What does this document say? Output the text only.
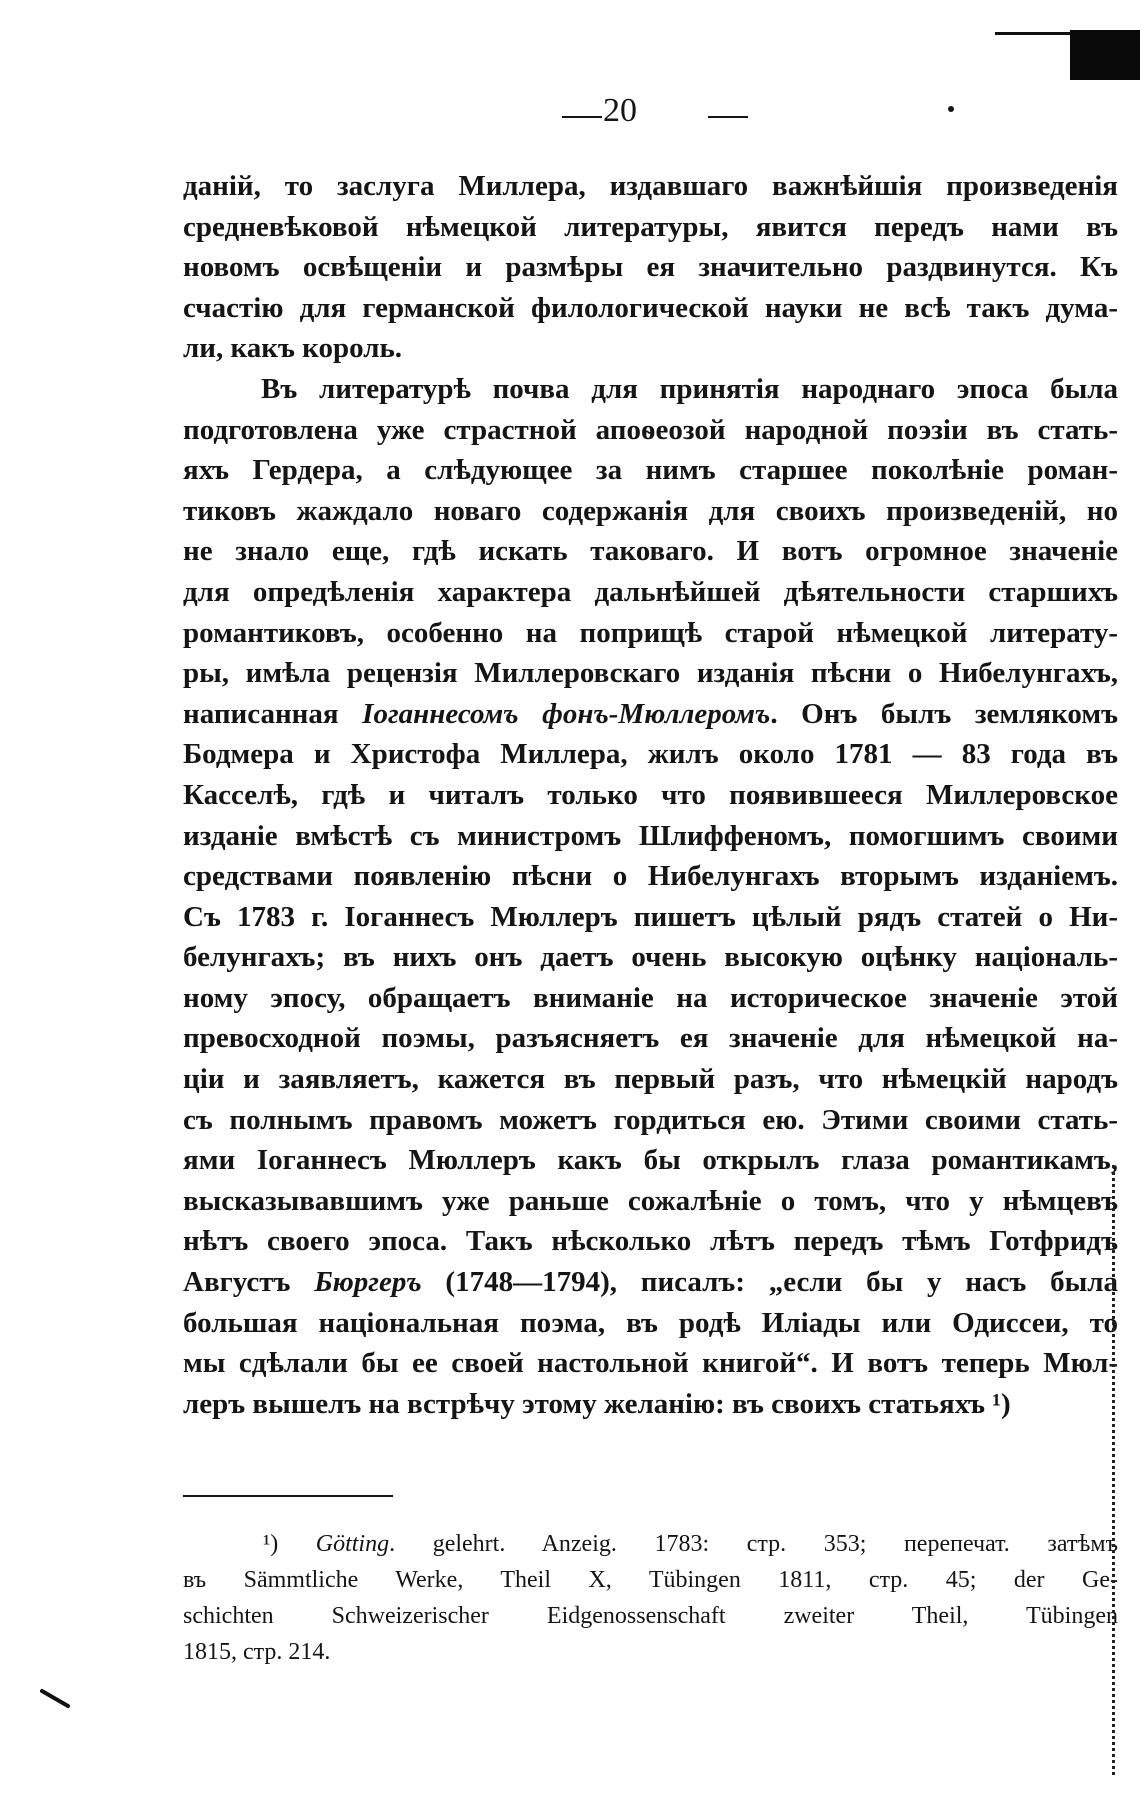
20
даній, то заслуга Миллера, издавшаго важнѣйшія произведенія
средневѣковой нѣмецкой литературы, явится передъ нами въ
новомъ освѣщеніи и размѣры ея значительно раздвинутся. Къ
счастію для германской филологической науки не всѣ такъ дума-
ли, какъ король.
Въ литературѣ почва для принятія народнаго эпоса была
подготовлена уже страстной апоѳеозой народной поэзіи въ стать-
яхъ Гердера, а слѣдующее за нимъ старшее поколѣніе роман-
тиковъ жаждало новаго содержанія для своихъ произведеній, но
не знало еще, гдѣ искать таковаго. И вотъ огромное значеніе
для опредѣленія характера дальнѣйшей дѣятельности старшихъ
романтиковъ, особенно на поприщѣ старой нѣмецкой литерату-
ры, имѣла рецензія Миллеровскаго изданія пѣсни о Нибелунгахъ,
написанная Іоганнесомъ фонъ-Мюллеромъ. Онъ былъ землякомъ
Бодмера и Христофа Миллера, жилъ около 1781 — 83 года въ
Касселѣ, гдѣ и читалъ только что появившееся Миллеровское
изданіе вмѣстѣ съ министромъ Шлиффеномъ, помогшимъ своими
средствами появленію пѣсни о Нибелунгахъ вторымъ изданіемъ.
Съ 1783 г. Іоганнесъ Мюллеръ пишетъ цѣлый рядъ статей о Ни-
белунгахъ; въ нихъ онъ даетъ очень высокую оцѣнку національ-
ному эпосу, обращаетъ вниманіе на историческое значеніе этой
превосходной поэмы, разъясняетъ ея значеніе для нѣмецкой на-
ціи и заявляетъ, кажется въ первый разъ, что нѣмецкій народъ
съ полнымъ правомъ можетъ гордиться ею. Этими своими стать-
ями Іоганнесъ Мюллеръ какъ бы открылъ глаза романтикамъ,
высказывавшимъ уже раньше сожалѣніе о томъ, что у нѣмцевъ
нѣтъ своего эпоса. Такъ нѣсколько лѣтъ передъ тѣмъ Готфридъ
Августъ Бюргеръ (1748—1794), писалъ: „если бы у насъ была
большая національная поэма, въ родѣ Иліады или Одиссеи, то
мы сдѣлали бы ее своей настольной книгой“. И вотъ теперь Мюл-
леръ вышелъ на встрѣчу этому желанію: въ своихъ статьяхъ ¹)
¹) Götting. gelehrt. Anzeig. 1783: стр. 353; перепечат. затѣмъ
въ Sämmtliche Werke, Theil X, Tübingen 1811, стр. 45; der Ge-
schichten Schweizerischer Eidgenossenschaft zweiter Theil, Tübingen
1815, стр. 214.
